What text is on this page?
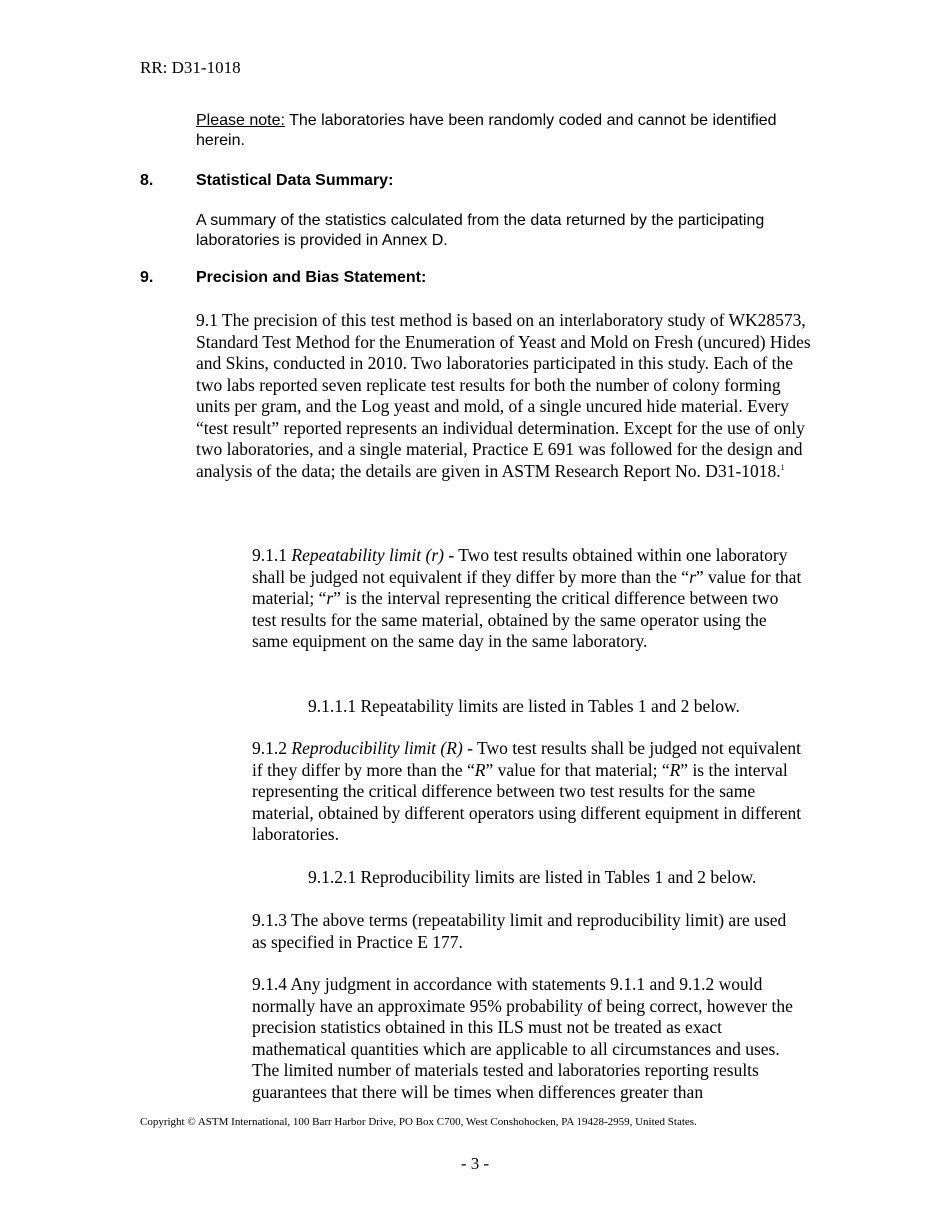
RR: D31-1018
Please note: The laboratories have been randomly coded and cannot be identified herein.
8.	Statistical Data Summary:
A summary of the statistics calculated from the data returned by the participating laboratories is provided in Annex D.
9.	Precision and Bias Statement:
9.1 The precision of this test method is based on an interlaboratory study of WK28573, Standard Test Method for the Enumeration of Yeast and Mold on Fresh (uncured) Hides and Skins, conducted in 2010. Two laboratories participated in this study. Each of the two labs reported seven replicate test results for both the number of colony forming units per gram, and the Log yeast and mold, of a single uncured hide material. Every “test result” reported represents an individual determination. Except for the use of only two laboratories, and a single material, Practice E 691 was followed for the design and analysis of the data; the details are given in ASTM Research Report No. D31-1018.$^1$
9.1.1 Repeatability limit (r) - Two test results obtained within one laboratory shall be judged not equivalent if they differ by more than the “r” value for that material; “r” is the interval representing the critical difference between two test results for the same material, obtained by the same operator using the same equipment on the same day in the same laboratory.
9.1.1.1 Repeatability limits are listed in Tables 1 and 2 below.
9.1.2 Reproducibility limit (R) - Two test results shall be judged not equivalent if they differ by more than the “R” value for that material; “R” is the interval representing the critical difference between two test results for the same material, obtained by different operators using different equipment in different laboratories.
9.1.2.1 Reproducibility limits are listed in Tables 1 and 2 below.
9.1.3 The above terms (repeatability limit and reproducibility limit) are used as specified in Practice E 177.
9.1.4 Any judgment in accordance with statements 9.1.1 and 9.1.2 would normally have an approximate 95% probability of being correct, however the precision statistics obtained in this ILS must not be treated as exact mathematical quantities which are applicable to all circumstances and uses. The limited number of materials tested and laboratories reporting results guarantees that there will be times when differences greater than
Copyright © ASTM International, 100 Barr Harbor Drive, PO Box C700, West Conshohocken, PA 19428-2959, United States.
- 3 -
